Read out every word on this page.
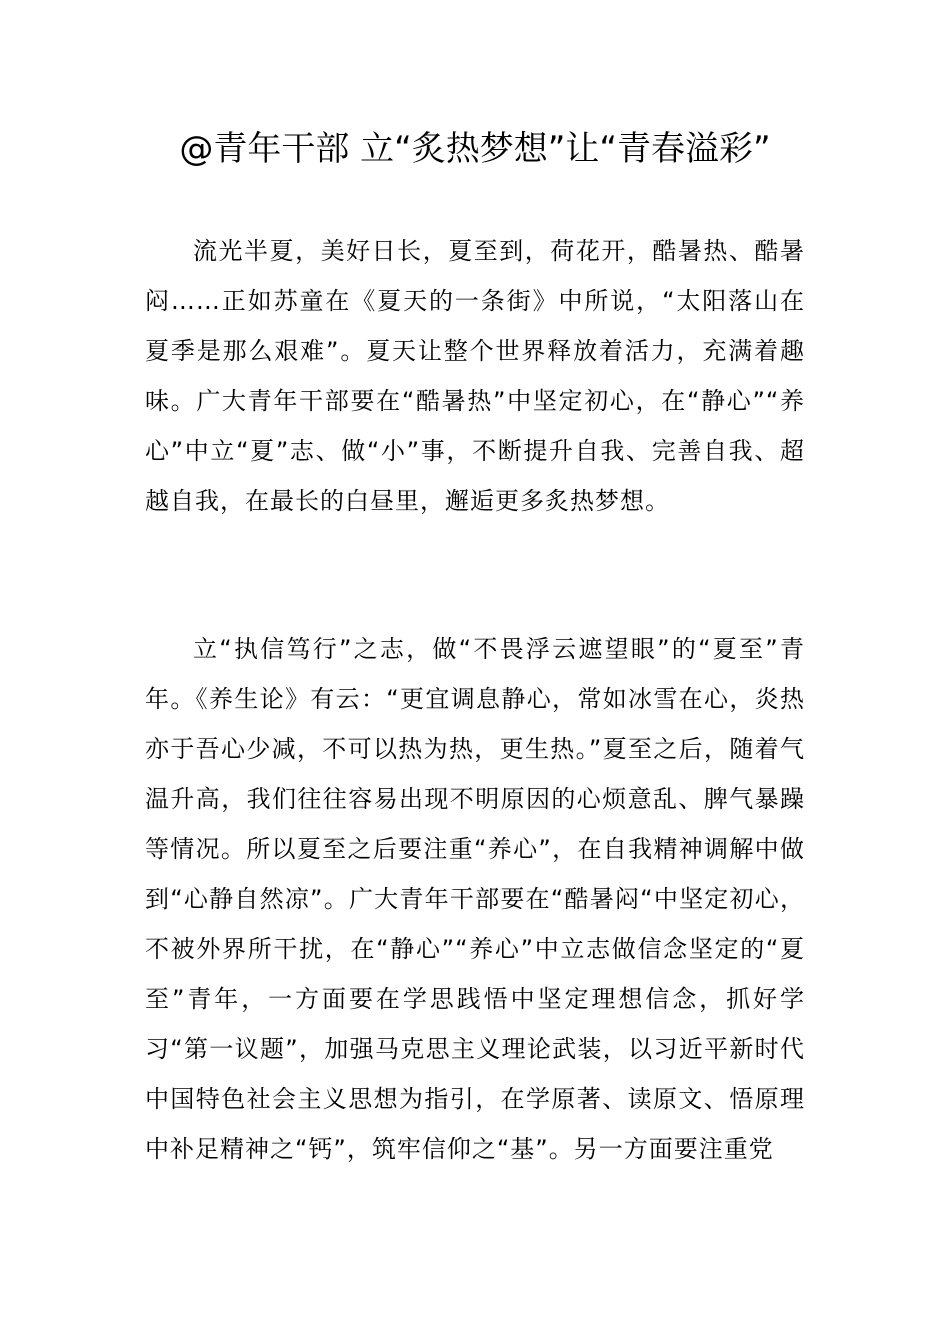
@青年干部 立“炙热梦想”让“青春溢彩”

流光半夏，美好日长，夏至到，荷花开，酷暑热、酷暑闷……正如苏童在《夏天的一条街》中所说，“太阳落山在夏季是那么艰难”。夏天让整个世界释放着活力，充满着趣味。广大青年干部要在“酷暑热”中坚定初心，在“静心”“养心”中立“夏”志、做“小”事，不断提升自我、完善自我、超越自我，在最长的白昼里，邂逅更多炙热梦想。

立“执信笃行”之志，做“不畏浮云遮望眼”的“夏至”青年。《养生论》有云：“更宜调息静心，常如冰雪在心，炎热亦于吾心少减，不可以热为热，更生热。”夏至之后，随着气温升高，我们往往容易出现不明原因的心烦意乱、脾气暴躁等情况。所以夏至之后要注重“养心”，在自我精神调解中做到“心静自然凉”。广大青年干部要在“酷暑闷“中坚定初心，不被外界所干扰，在“静心”“养心”中立志做信念坚定的“夏至”青年，一方面要在学思践悟中坚定理想信念，抓好学习“第一议题”，加强马克思主义理论武装，以习近平新时代中国特色社会主义思想为指引，在学原著、读原文、悟原理中补足精神之“钙”，筑牢信仰之“基”。另一方面要注重党
